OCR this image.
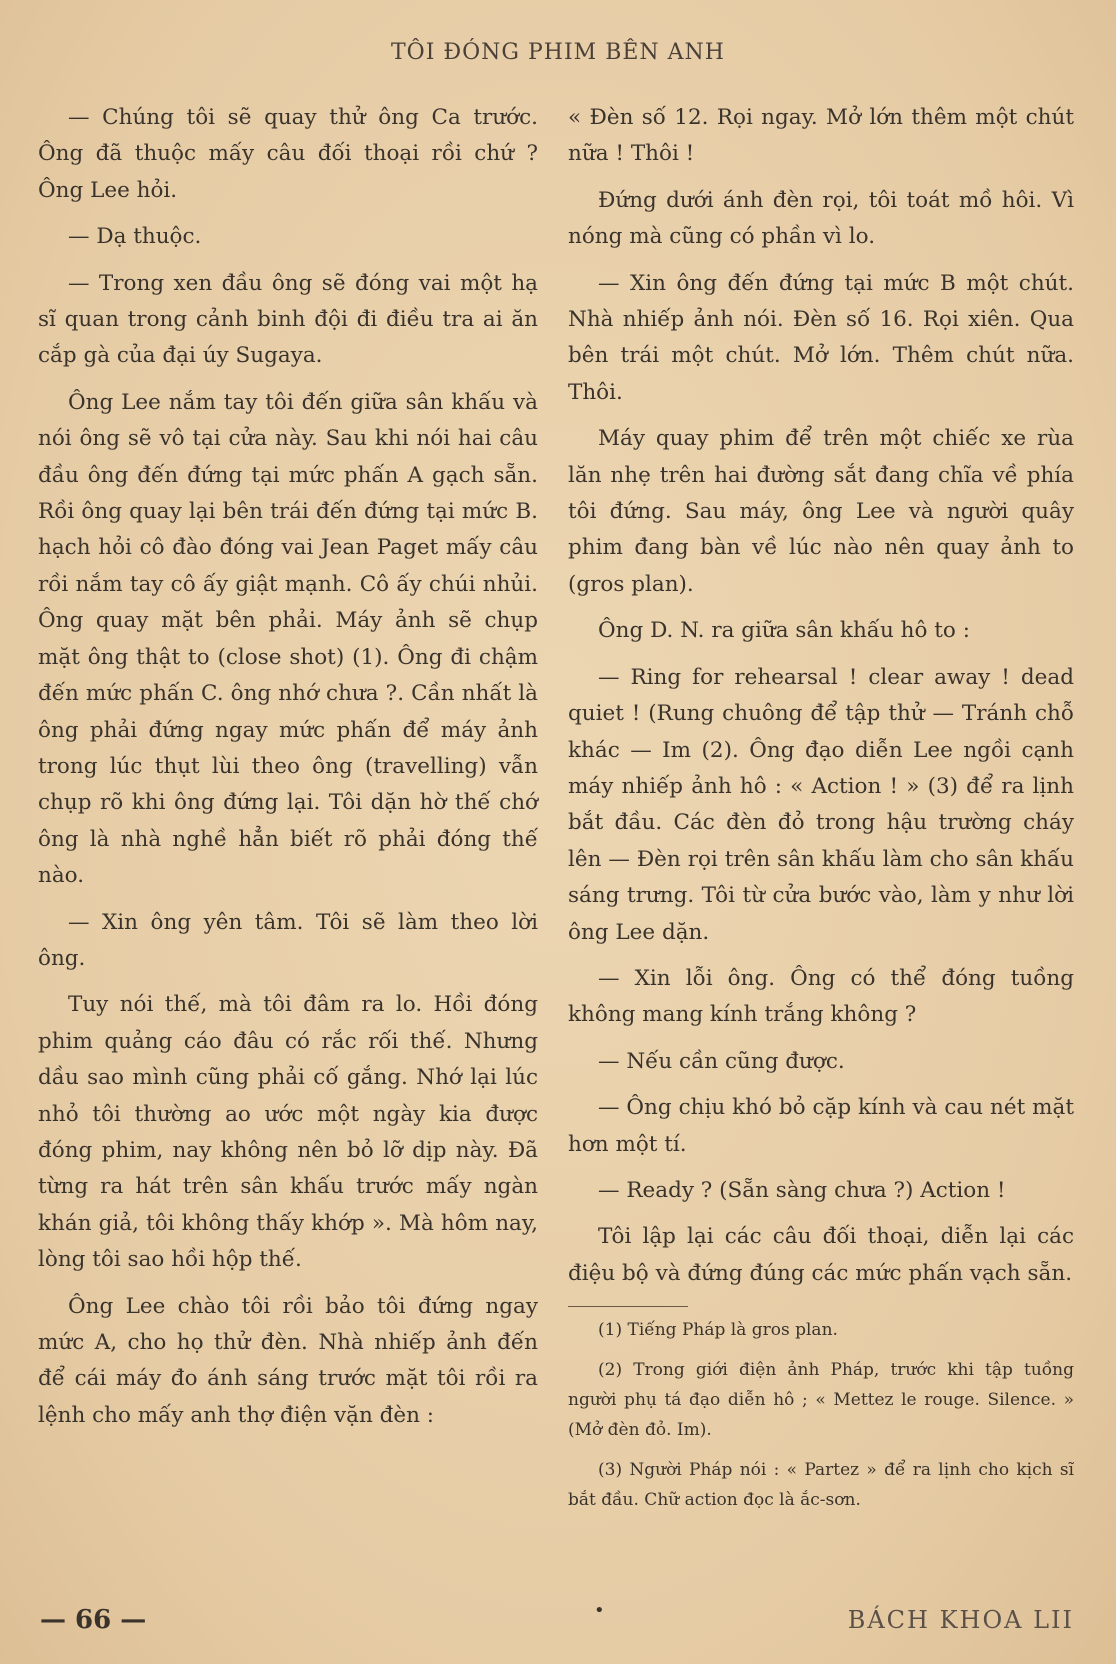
TÔI ĐÓNG PHIM BÊN ANH

— Chúng tôi sẽ quay thử ông Ca trước. Ông đã thuộc mấy câu đối thoại rồi chứ ? Ông Lee hỏi.

— Dạ thuộc.

— Trong xen đầu ông sẽ đóng vai một hạ sĩ quan trong cảnh binh đội đi điều tra ai ăn cắp gà của đại úy Sugaya.

Ông Lee nắm tay tôi đến giữa sân khấu và nói ông sẽ vô tại cửa này. Sau khi nói hai câu đầu ông đến đứng tại mức phấn A gạch sẵn. Rồi ông quay lại bên trái đến đứng tại mức B. hạch hỏi cô đào đóng vai Jean Paget mấy câu rồi nắm tay cô ấy giật mạnh. Cô ấy chúi nhủi. Ông quay mặt bên phải. Máy ảnh sẽ chụp mặt ông thật to (close shot) (1). Ông đi chậm đến mức phấn C. ông nhớ chưa ?. Cần nhất là ông phải đứng ngay mức phấn để máy ảnh trong lúc thụt lùi theo ông (travelling) vẫn chụp rõ khi ông đứng lại. Tôi dặn hờ thế chớ ông là nhà nghề hẳn biết rõ phải đóng thế nào.

— Xin ông yên tâm. Tôi sẽ làm theo lời ông.

Tuy nói thế, mà tôi đâm ra lo. Hồi đóng phim quảng cáo đâu có rắc rối thế. Nhưng dầu sao mình cũng phải cố gắng. Nhớ lại lúc nhỏ tôi thường ao ước một ngày kia được đóng phim, nay không nên bỏ lỡ dịp này. Đã từng ra hát trên sân khấu trước mấy ngàn khán giả, tôi không thấy khớp ». Mà hôm nay, lòng tôi sao hồi hộp thế.

Ông Lee chào tôi rồi bảo tôi đứng ngay mức A, cho họ thử đèn. Nhà nhiếp ảnh đến để cái máy đo ánh sáng trước mặt tôi rồi ra lệnh cho mấy anh thợ điện vặn đèn :

« Đèn số 12. Rọi ngay. Mở lớn thêm một chút nữa ! Thôi !

Đứng dưới ánh đèn rọi, tôi toát mồ hôi. Vì nóng mà cũng có phần vì lo.

— Xin ông đến đứng tại mức B một chút. Nhà nhiếp ảnh nói. Đèn số 16. Rọi xiên. Qua bên trái một chút. Mở lớn. Thêm chút nữa. Thôi.

Máy quay phim để trên một chiếc xe rùa lăn nhẹ trên hai đường sắt đang chĩa về phía tôi đứng. Sau máy, ông Lee và người quây phim đang bàn về lúc nào nên quay ảnh to (gros plan).

Ông D. N. ra giữa sân khấu hô to :

— Ring for rehearsal ! clear away ! dead quiet ! (Rung chuông để tập thử — Tránh chỗ khác — Im (2). Ông đạo diễn Lee ngồi cạnh máy nhiếp ảnh hô : « Action ! » (3) để ra lịnh bắt đầu. Các đèn đỏ trong hậu trường cháy lên — Đèn rọi trên sân khấu làm cho sân khấu sáng trưng. Tôi từ cửa bước vào, làm y như lời ông Lee dặn.

— Xin lỗi ông. Ông có thể đóng tuồng không mang kính trắng không ?

— Nếu cần cũng được.

— Ông chịu khó bỏ cặp kính và cau nét mặt hơn một tí.

— Ready ? (Sẵn sàng chưa ?) Action !

Tôi lập lại các câu đối thoại, diễn lại các điệu bộ và đứng đúng các mức phấn vạch sẵn.

(1) Tiếng Pháp là gros plan.

(2) Trong giới điện ảnh Pháp, trước khi tập tuồng người phụ tá đạo diễn hô ; « Mettez le rouge. Silence. » (Mở đèn đỏ. Im).

(3) Người Pháp nói : « Partez » để ra lịnh cho kịch sĩ bắt đầu. Chữ action đọc là ắc-sơn.

— 66 —	•	BÁCH KHOA LII
